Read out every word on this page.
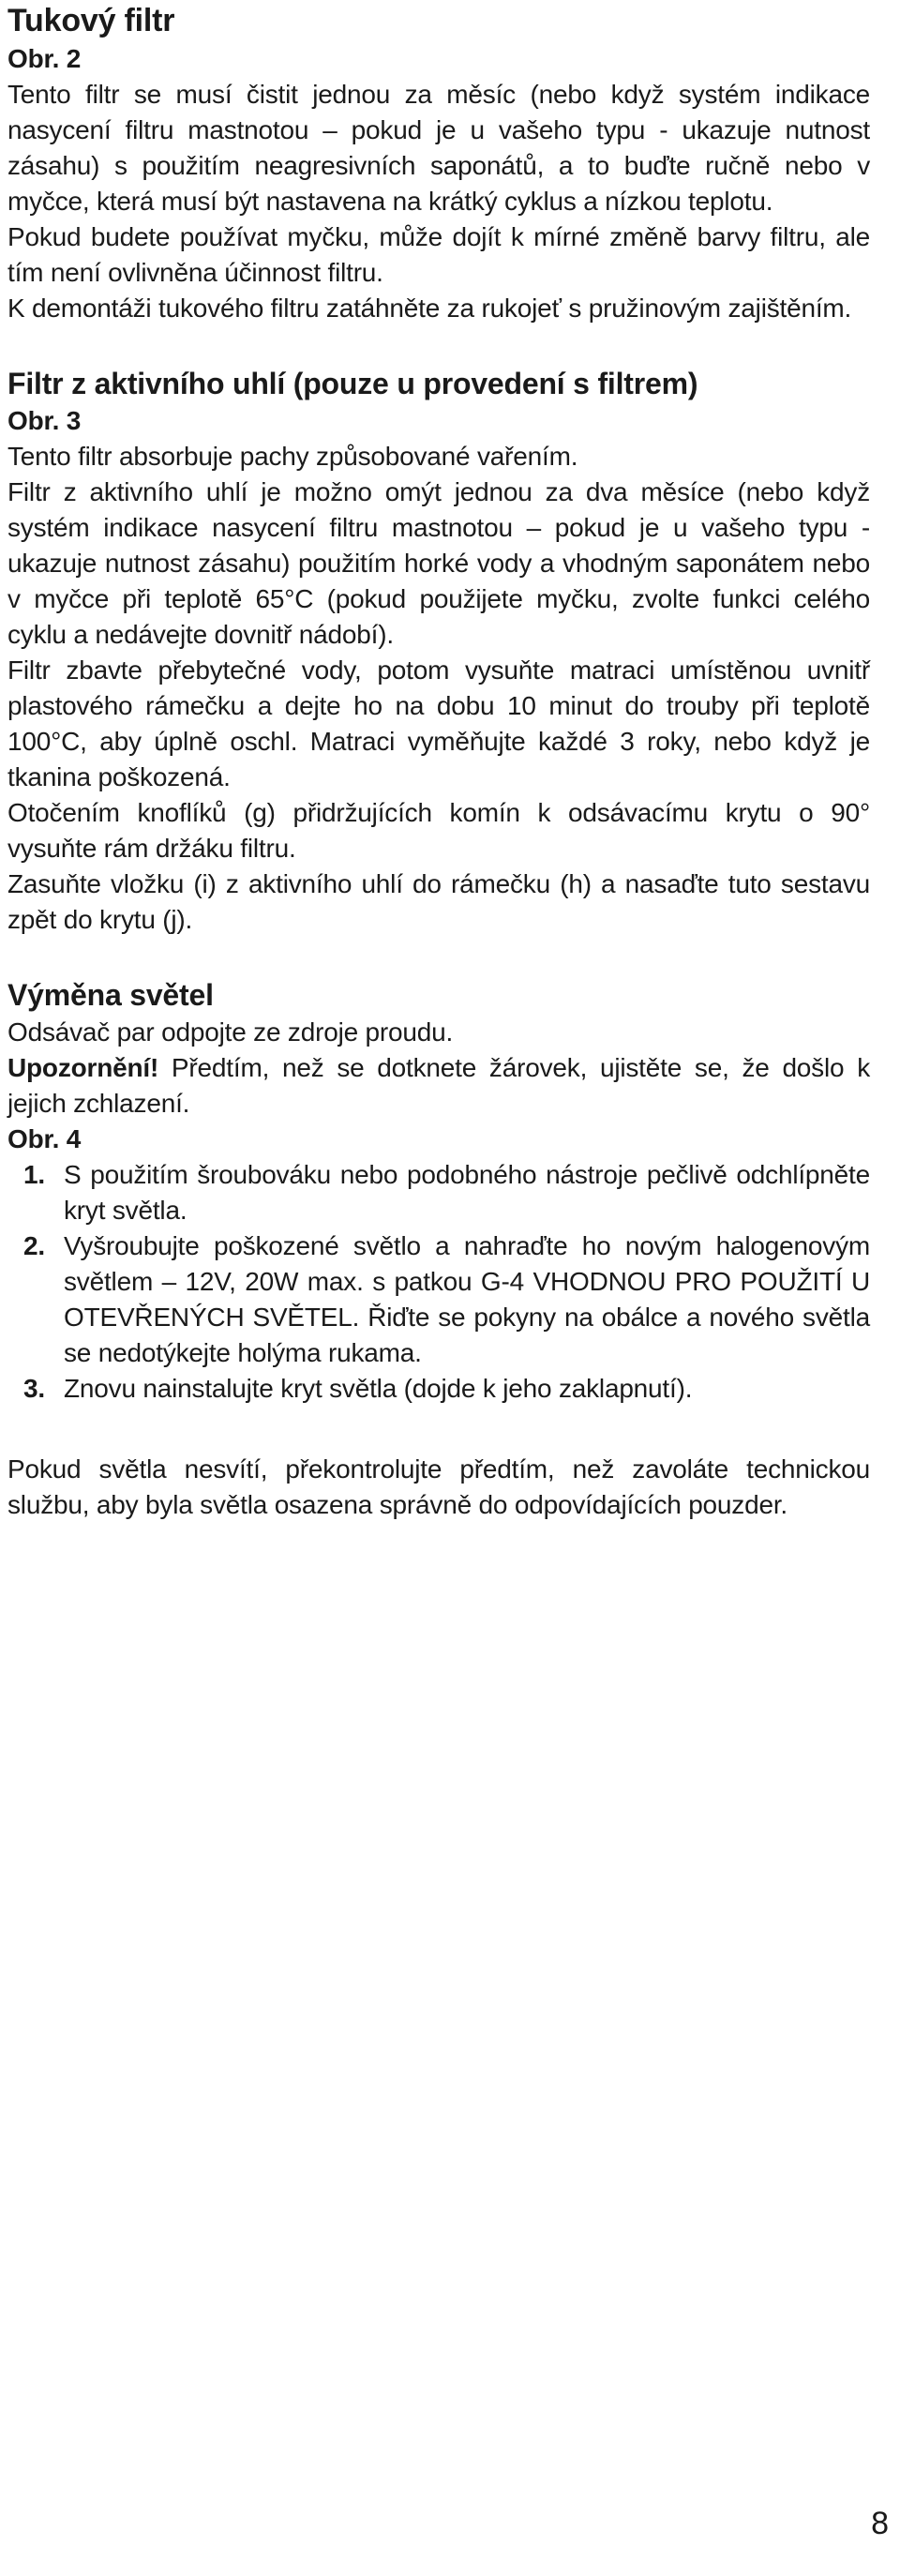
Tukový filtr

Obr. 2

Tento filtr se musí čistit jednou za měsíc (nebo když systém indikace nasycení filtru mastnotou – pokud je u vašeho typu - ukazuje nutnost zásahu) s použitím neagresivních saponátů, a to buďte ručně nebo v myčce, která musí být nastavena na krátký cyklus a nízkou teplotu.

Pokud budete používat myčku, může dojít k mírné změně barvy filtru, ale tím není ovlivněna účinnost filtru.

K demontáži tukového filtru zatáhněte za rukojeť s pružinovým zajištěním.

Filtr z aktivního uhlí (pouze u provedení s filtrem)

Obr. 3

Tento filtr absorbuje pachy způsobované vařením.

Filtr z aktivního uhlí je možno omýt jednou za dva měsíce (nebo když systém indikace nasycení filtru mastnotou – pokud je u vašeho typu - ukazuje nutnost zásahu) použitím horké vody a vhodným saponátem nebo v myčce při teplotě 65°C (pokud použijete myčku, zvolte funkci celého cyklu a nedávejte dovnitř nádobí).

Filtr zbavte přebytečné vody, potom vysuňte matraci umístěnou uvnitř plastového rámečku a dejte ho na dobu 10 minut do trouby při teplotě 100°C, aby úplně oschl. Matraci vyměňujte každé 3 roky, nebo když je tkanina poškozená.

Otočením knoflíků (g) přidržujících komín k odsávacímu krytu o 90° vysuňte rám držáku filtru.

Zasuňte vložku (i) z aktivního uhlí do rámečku (h) a nasaďte tuto sestavu zpět do krytu (j).

Výměna světel

Odsávač par odpojte ze zdroje proudu.

Upozornění! Předtím, než se dotknete žárovek, ujistěte se, že došlo k jejich zchlazení.

Obr. 4

1. S použitím šroubováku nebo podobného nástroje pečlivě odchlípněte kryt světla.
2. Vyšroubujte poškozené světlo a nahraďte ho novým halogenovým světlem – 12V, 20W max. s patkou G-4 VHODNOU PRO POUŽITÍ U OTEVŘENÝCH SVĚTEL. Řiďte se pokyny na obálce a nového světla se nedotýkejte holýma rukama.
3. Znovu nainstalujte kryt světla (dojde k jeho zaklapnutí).

Pokud světla nesvítí, překontrolujte předtím, než zavoláte technickou službu, aby byla světla osazena správně do odpovídajících pouzder.

8
